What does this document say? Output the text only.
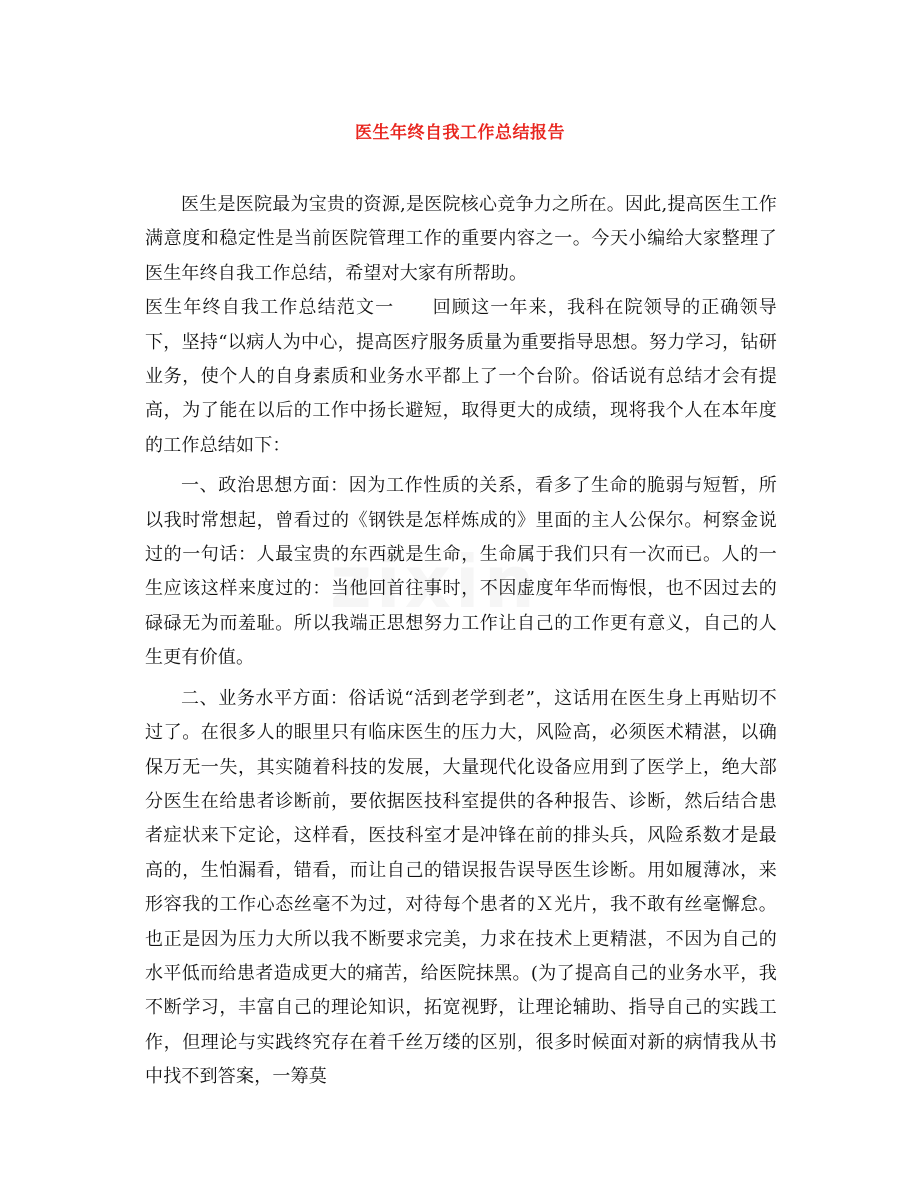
医生年终自我工作总结报告

医生是医院最为宝贵的资源,是医院核心竞争力之所在。因此,提高医生工作满意度和稳定性是当前医院管理工作的重要内容之一。今天小编给大家整理了医生年终自我工作总结，希望对大家有所帮助。

医生年终自我工作总结范文一　　回顾这一年来，我科在院领导的正确领导下，坚持“以病人为中心，提高医疗服务质量为重要指导思想。努力学习，钻研业务，使个人的自身素质和业务水平都上了一个台阶。俗话说有总结才会有提高，为了能在以后的工作中扬长避短，取得更大的成绩，现将我个人在本年度的工作总结如下：

一、政治思想方面：因为工作性质的关系，看多了生命的脆弱与短暂，所以我时常想起，曾看过的《钢铁是怎样炼成的》里面的主人公保尔。柯察金说过的一句话：人最宝贵的东西就是生命，生命属于我们只有一次而已。人的一生应该这样来度过的：当他回首往事时，不因虚度年华而悔恨，也不因过去的碌碌无为而羞耻。所以我端正思想努力工作让自己的工作更有意义，自己的人生更有价值。

二、业务水平方面：俗话说“活到老学到老”，这话用在医生身上再贴切不过了。在很多人的眼里只有临床医生的压力大，风险高，必须医术精湛，以确保万无一失，其实随着科技的发展，大量现代化设备应用到了医学上，绝大部分医生在给患者诊断前，要依据医技科室提供的各种报告、诊断，然后结合患者症状来下定论，这样看，医技科室才是冲锋在前的排头兵，风险系数才是最高的，生怕漏看，错看，而让自己的错误报告误导医生诊断。用如履薄冰，来形容我的工作心态丝毫不为过，对待每个患者的Ｘ光片，我不敢有丝毫懈怠。也正是因为压力大所以我不断要求完美，力求在技术上更精湛，不因为自己的水平低而给患者造成更大的痛苦，给医院抹黑。(为了提高自己的业务水平，我不断学习，丰富自己的理论知识，拓宽视野，让理论辅助、指导自己的实践工作，但理论与实践终究存在着千丝万缕的区别，很多时候面对新的病情我从书中找不到答案，一筹莫
